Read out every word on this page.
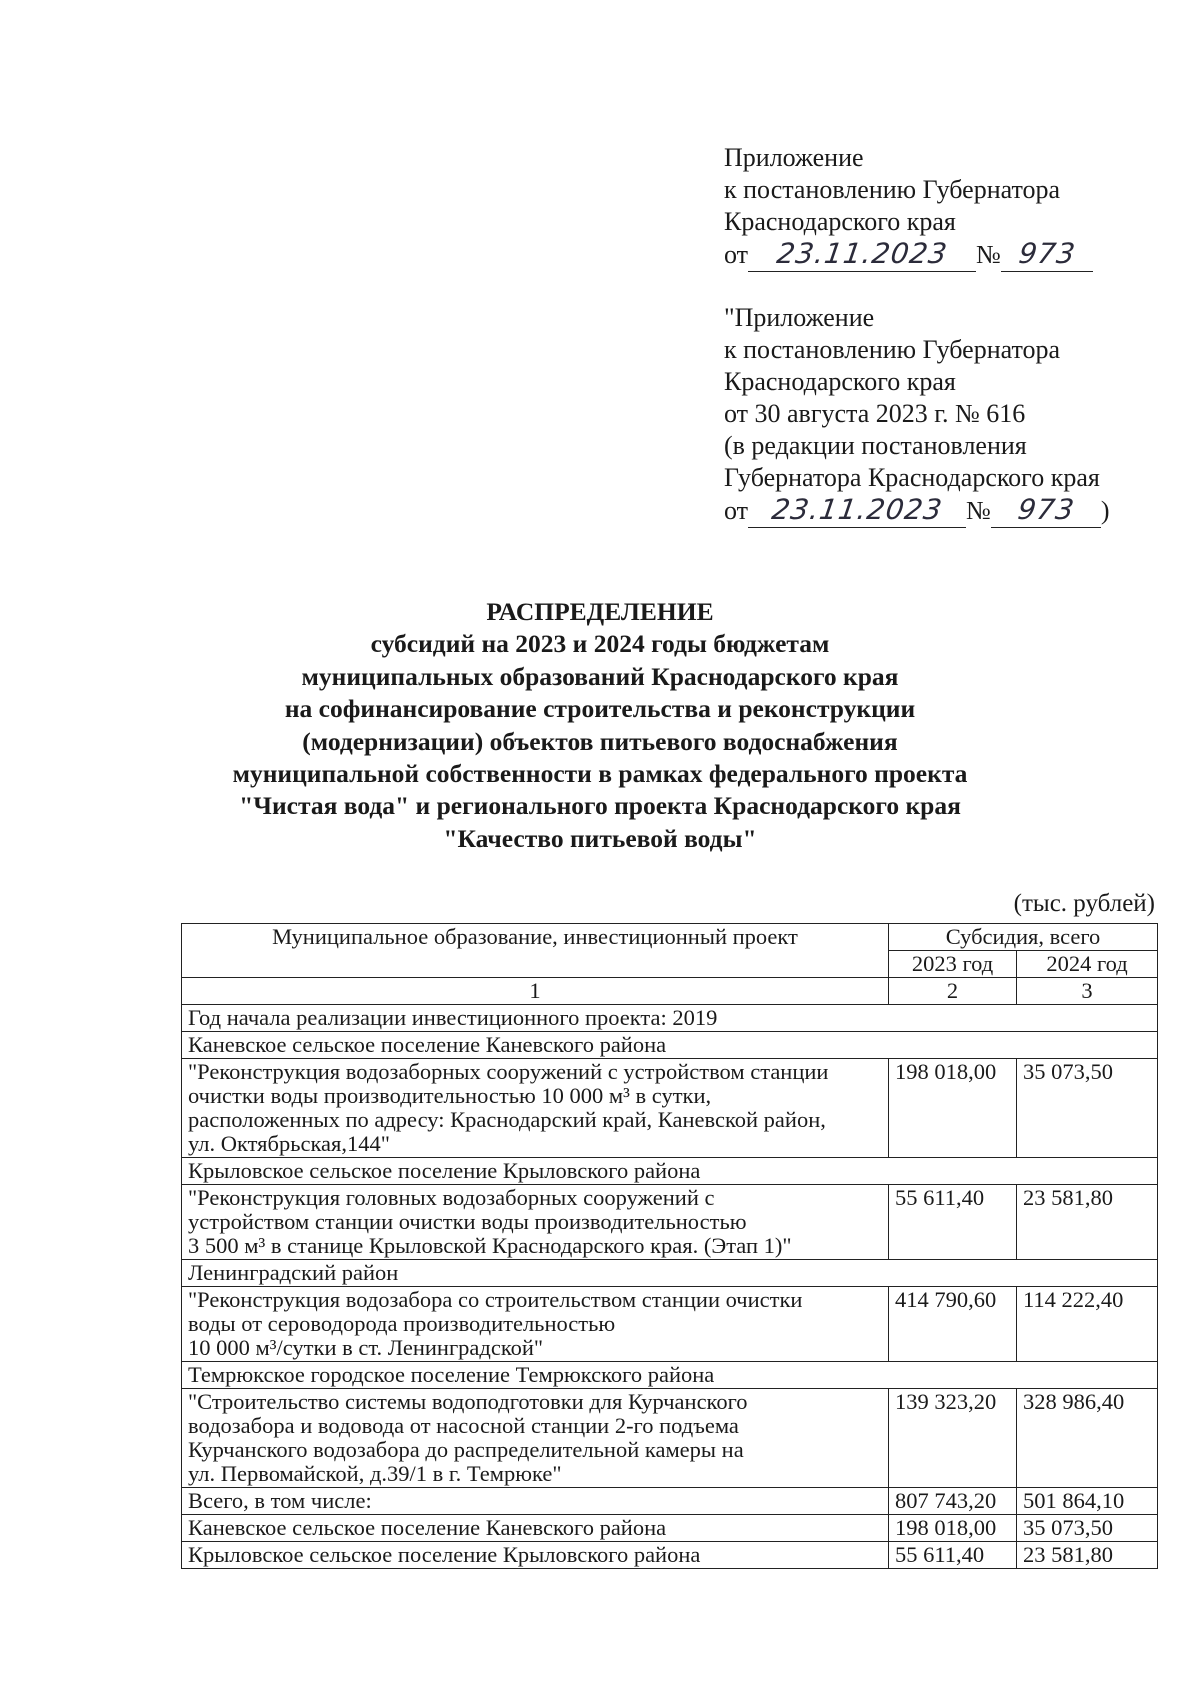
Приложение
к постановлению Губернатора
Краснодарского края
от 23.11.2023 № 973
"Приложение
к постановлению Губернатора
Краснодарского края
от 30 августа 2023 г. № 616
(в редакции постановления
Губернатора Краснодарского края
от 23.11.2023 № 973 )
РАСПРЕДЕЛЕНИЕ
субсидий на 2023 и 2024 годы бюджетам
муниципальных образований Краснодарского края
на софинансирование строительства и реконструкции
(модернизации) объектов питьевого водоснабжения
муниципальной собственности в рамках федерального проекта
"Чистая вода" и регионального проекта Краснодарского края
"Качество питьевой воды"
(тыс. рублей)
Муниципальное образование, инвестиционный проект	Субсидия, всего	
	2023 год	2024 год
1	2	3
Год начала реализации инвестиционного проекта: 2019		
Каневское сельское поселение Каневского района		

"Реконструкция водозаборных сооружений с устройством станции
очистки воды производительностью 10 000 м³ в сутки,
расположенных по адресу: Краснодарский край, Каневской район,
ул. Октябрьская,144"	198 018,00	35 073,50
Крыловское сельское поселение Крыловского района		

"Реконструкция головных водозаборных сооружений с
устройством станции очистки воды производительностью
3 500 м³ в станице Крыловской Краснодарского края. (Этап 1)"	55 611,40	23 581,80
Ленинградский район		

"Реконструкция водозабора со строительством станции очистки
воды от сероводорода производительностью
10 000 м³/сутки в ст. Ленинградской"	414 790,60	114 222,40
Темрюкское городское поселение Темрюкского района		

"Строительство системы водоподготовки для Курчанского
водозабора и водовода от насосной станции 2-го подъема
Курчанского водозабора до распределительной камеры на
ул. Первомайской, д.39/1 в г. Темрюке"	139 323,20	328 986,40
Всего, в том числе:	807 743,20	501 864,10
Каневское сельское поселение Каневского района	198 018,00	35 073,50
Крыловское сельское поселение Крыловского района	55 611,40	23 581,80
